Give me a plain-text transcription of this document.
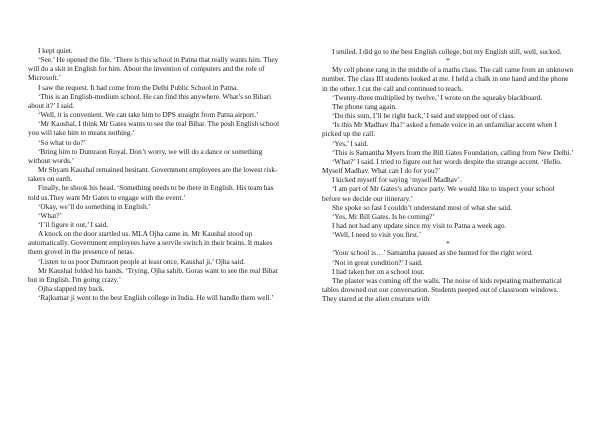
I kept quiet.

‘See.’ He opened the file. ‘There is this school in Patna that really wants him. They will do a skit in English for him. About the invention of computers and the role of Microsoft.’

I saw the request. It had come from the Delhi Public School in Patna.

‘This is an English-medium school. He can find this anywhere. What’s so Bihari about it?’ I said.

‘Well, it is convenient. We can take him to DPS straight from Patna airport.’

‘Mr Kaushal, I think Mr Gates wants to see the real Bihar. The posh English school you will take him to means nothing.’

‘So what to do?’

‘Bring him to Dumraon Royal. Don’t worry, we will do a dance or something without words.’

Mr Shyam Kaushal remained hesitant. Government employees are the lowest risk-takers on earth.

Finally, he shook his head. ‘Something needs to be there in English. His team has told us.They want Mr Gates to engage with the event.’

‘Okay, we’ll do something in English.’

‘What?’

‘I’ll figure it out,’ I said.

A knock on the door startled us. MLA Ojha came in. Mr Kaushal stood up automatically. Government employees have a servile switch in their brains. It makes them grovel in the presence of netas.

‘Listen to us poor Dumraon people at least once, Kaushal ji,’ Ojha said.

Mr Kaushal folded his hands. ‘Trying, Ojha sahib. Goras want to see the real Bihar but in English. I'm going crazy.’

Ojha slapped my back.

‘Rajkumar ji went to the best English college in India. He will handle them well.’

I smiled. I did go to the best English college, but my English still, well, sucked.

*

My cell phone rang in the middle of a maths class. The call came from an unknown number. The class III students looked at me. I held a chalk in one hand and the phone in the other. I cut the call and continued to teach.

‘Twenty-three multiplied by twelve,’ I wrote on the squeaky blackboard.

The phone rang again.

‘Do this sum, I’ll be right back,’ I said and stepped out of class.

‘Is this Mr Madhav Jha?’ asked a female voice in an unfamiliar accent when I picked up the call.

‘Yes,’ I said.

‘This is Samantha Myers from the Bill Gates Foundation, calling from New Delhi.’

‘What?’ I said. I tried to figure out her words despite the strange accent. ‘Hello. Myself Madhav. What can I do for you?’

I kicked myself for saying ‘myself Madhav’.

‘I am part of Mr Gates’s advance party. We would like to inspect your school before we decide our itinerary.’

She spoke so fast I couldn’t understand most of what she said.

‘Yes, Mr Bill Gates. Is he coming?’

I had not had any update since my visit to Patna a week ago.

‘Well, I need to visit you first.’

*

‘Your school is…’ Samantha paused as she hunted for the right word.

‘Not in great condition?’ I said.

I had taken her on a school tour.

The plaster was coming off the walls. The noise of kids repeating mathematical tables drowned out our conversation. Students peeped out of classroom windows. They stared at the alien creature with
